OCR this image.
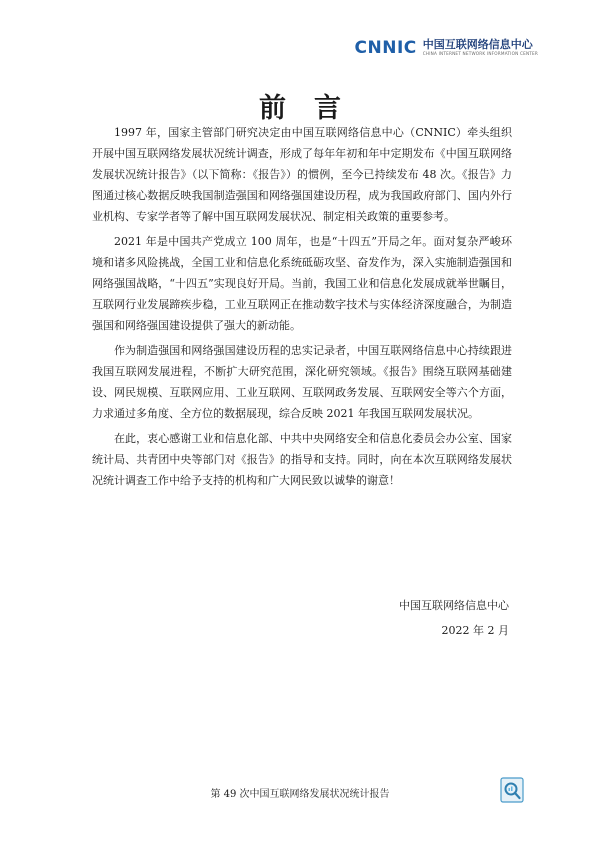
CNNIC 中国互联网络信息中心
CHINA INTERNET NETWORK INFORMATION CENTER
前言

1997 年，国家主管部门研究决定由中国互联网络信息中心（CNNIC）牵头组织开展中国互联网络发展状况统计调查，形成了每年年初和年中定期发布《中国互联网络发展状况统计报告》（以下简称：《报告》）的惯例，至今已持续发布 48 次。《报告》力图通过核心数据反映我国制造强国和网络强国建设历程，成为我国政府部门、国内外行业机构、专家学者等了解中国互联网发展状况、制定相关政策的重要参考。

2021 年是中国共产党成立 100 周年，也是“十四五”开局之年。面对复杂严峻环境和诸多风险挑战，全国工业和信息化系统砥砺攻坚、奋发作为，深入实施制造强国和网络强国战略，“十四五”实现良好开局。当前，我国工业和信息化发展成就举世瞩目，互联网行业发展蹄疾步稳，工业互联网正在推动数字技术与实体经济深度融合，为制造强国和网络强国建设提供了强大的新动能。

作为制造强国和网络强国建设历程的忠实记录者，中国互联网络信息中心持续跟进我国互联网发展进程，不断扩大研究范围，深化研究领域。《报告》围绕互联网基础建设、网民规模、互联网应用、工业互联网、互联网政务发展、互联网安全等六个方面，力求通过多角度、全方位的数据展现，综合反映 2021 年我国互联网发展状况。

在此，衷心感谢工业和信息化部、中共中央网络安全和信息化委员会办公室、国家统计局、共青团中央等部门对《报告》的指导和支持。同时，向在本次互联网络发展状况统计调查工作中给予支持的机构和广大网民致以诚挚的谢意！

中国互联网络信息中心
2022 年 2 月
第 49 次中国互联网络发展状况统计报告
